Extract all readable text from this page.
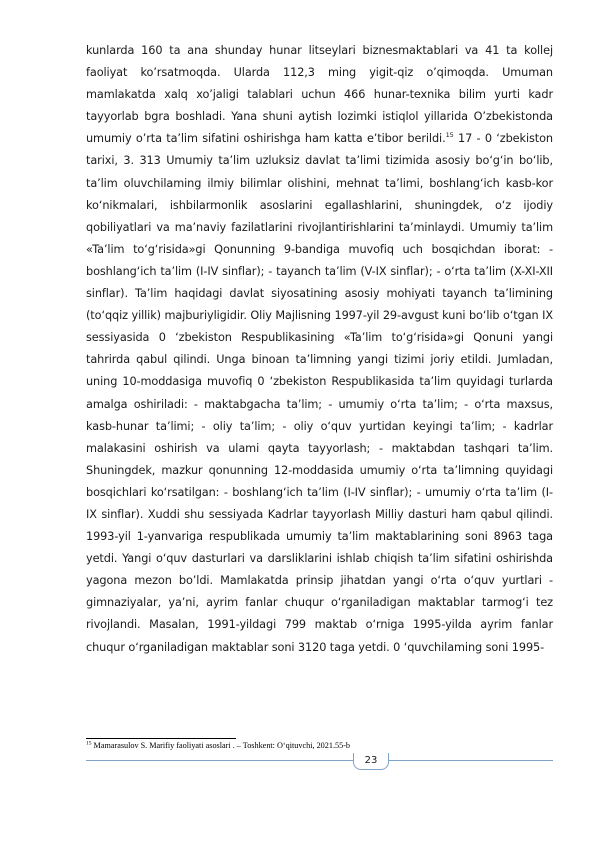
kunlarda 160 ta ana shunday hunar litseylari biznesmaktablari va 41 ta kollej faoliyat ko’rsatmoqda. Ularda 112,3 ming yigit-qiz o’qimoqda. Umuman mamlakatda xalq xo’jaligi talablari uchun 466 hunar-texnika bilim yurti kadr tayyorlab bgra boshladi. Yana shuni aytish lozimki istiqlol yillarida O’zbekistonda umumiy o’rta ta’lim sifatini oshirishga ham katta e’tibor berildi.$^{15}$ 17 - 0 ‘zbekiston tarixi, 3. 313 Umumiy ta’lim uzluksiz davlat ta’limi tizimida asosiy bo‘g‘in bo‘lib, ta’lim oluvchilaming ilmiy bilimlar olishini, mehnat ta’limi, boshlang‘ich kasb-kor ko‘nikmalari, ishbilarmonlik asoslarini egallashlarini, shuningdek, o‘z ijodiy qobiliyatlari va ma’naviy fazilatlarini rivojlantirishlarini ta’minlaydi. Umumiy ta’lim «Ta’lim to‘g‘risida»gi Qonunning 9-bandiga muvofiq uch bosqichdan iborat: - boshlang‘ich ta’lim (I-IV sinflar); - tayanch ta’lim (V-IX sinflar); - o‘rta ta’lim (X-XI-XII sinflar). Ta’lim haqidagi davlat siyosatining asosiy mohiyati tayanch ta’limining (to‘qqiz yillik) majburiyligidir. Oliy Majlisning 1997-yil 29-avgust kuni bo‘lib o‘tgan IX sessiyasida 0 ‘zbekiston Respublikasining «Ta’lim to‘g‘risida»gi Qonuni yangi tahrirda qabul qilindi. Unga binoan ta’limning yangi tizimi joriy etildi. Jumladan, uning 10-moddasiga muvofiq 0 ‘zbekiston Respublikasida ta’lim quyidagi turlarda amalga oshiriladi: - maktabgacha ta’lim; - umumiy o‘rta ta’lim; - o‘rta maxsus, kasb-hunar ta’limi; - oliy ta’lim; - oliy o‘quv yurtidan keyingi ta’lim; - kadrlar malakasini oshirish va ulami qayta tayyorlash; - maktabdan tashqari ta’lim. Shuningdek, mazkur qonunning 12-moddasida umumiy o‘rta ta’limning quyidagi bosqichlari ko‘rsatilgan: - boshlang‘ich ta’lim (I-IV sinflar); - umumiy o‘rta ta’lim (I-IX sinflar). Xuddi shu sessiyada Kadrlar tayyorlash Milliy dasturi ham qabul qilindi. 1993-yil 1-yanvariga respublikada umumiy ta’lim maktablarining soni 8963 taga yetdi. Yangi o‘quv dasturlari va darsliklarini ishlab chiqish ta’lim sifatini oshirishda yagona mezon bo’ldi. Mamlakatda prinsip jihatdan yangi o‘rta o‘quv yurtlari - gimnaziyalar, ya’ni, ayrim fanlar chuqur o‘rganiladigan maktablar tarmog‘i tez rivojlandi. Masalan, 1991-yildagi 799 maktab o‘rniga 1995-yilda ayrim fanlar chuqur o‘rganiladigan maktablar soni 3120 taga yetdi. 0 ‘quvchilaming soni 1995-
$^{15}$ Mamarasulov S. Marifiy faoliyati asoslari . – Toshkent: O‘qituvchi, 2021.55-b
23
